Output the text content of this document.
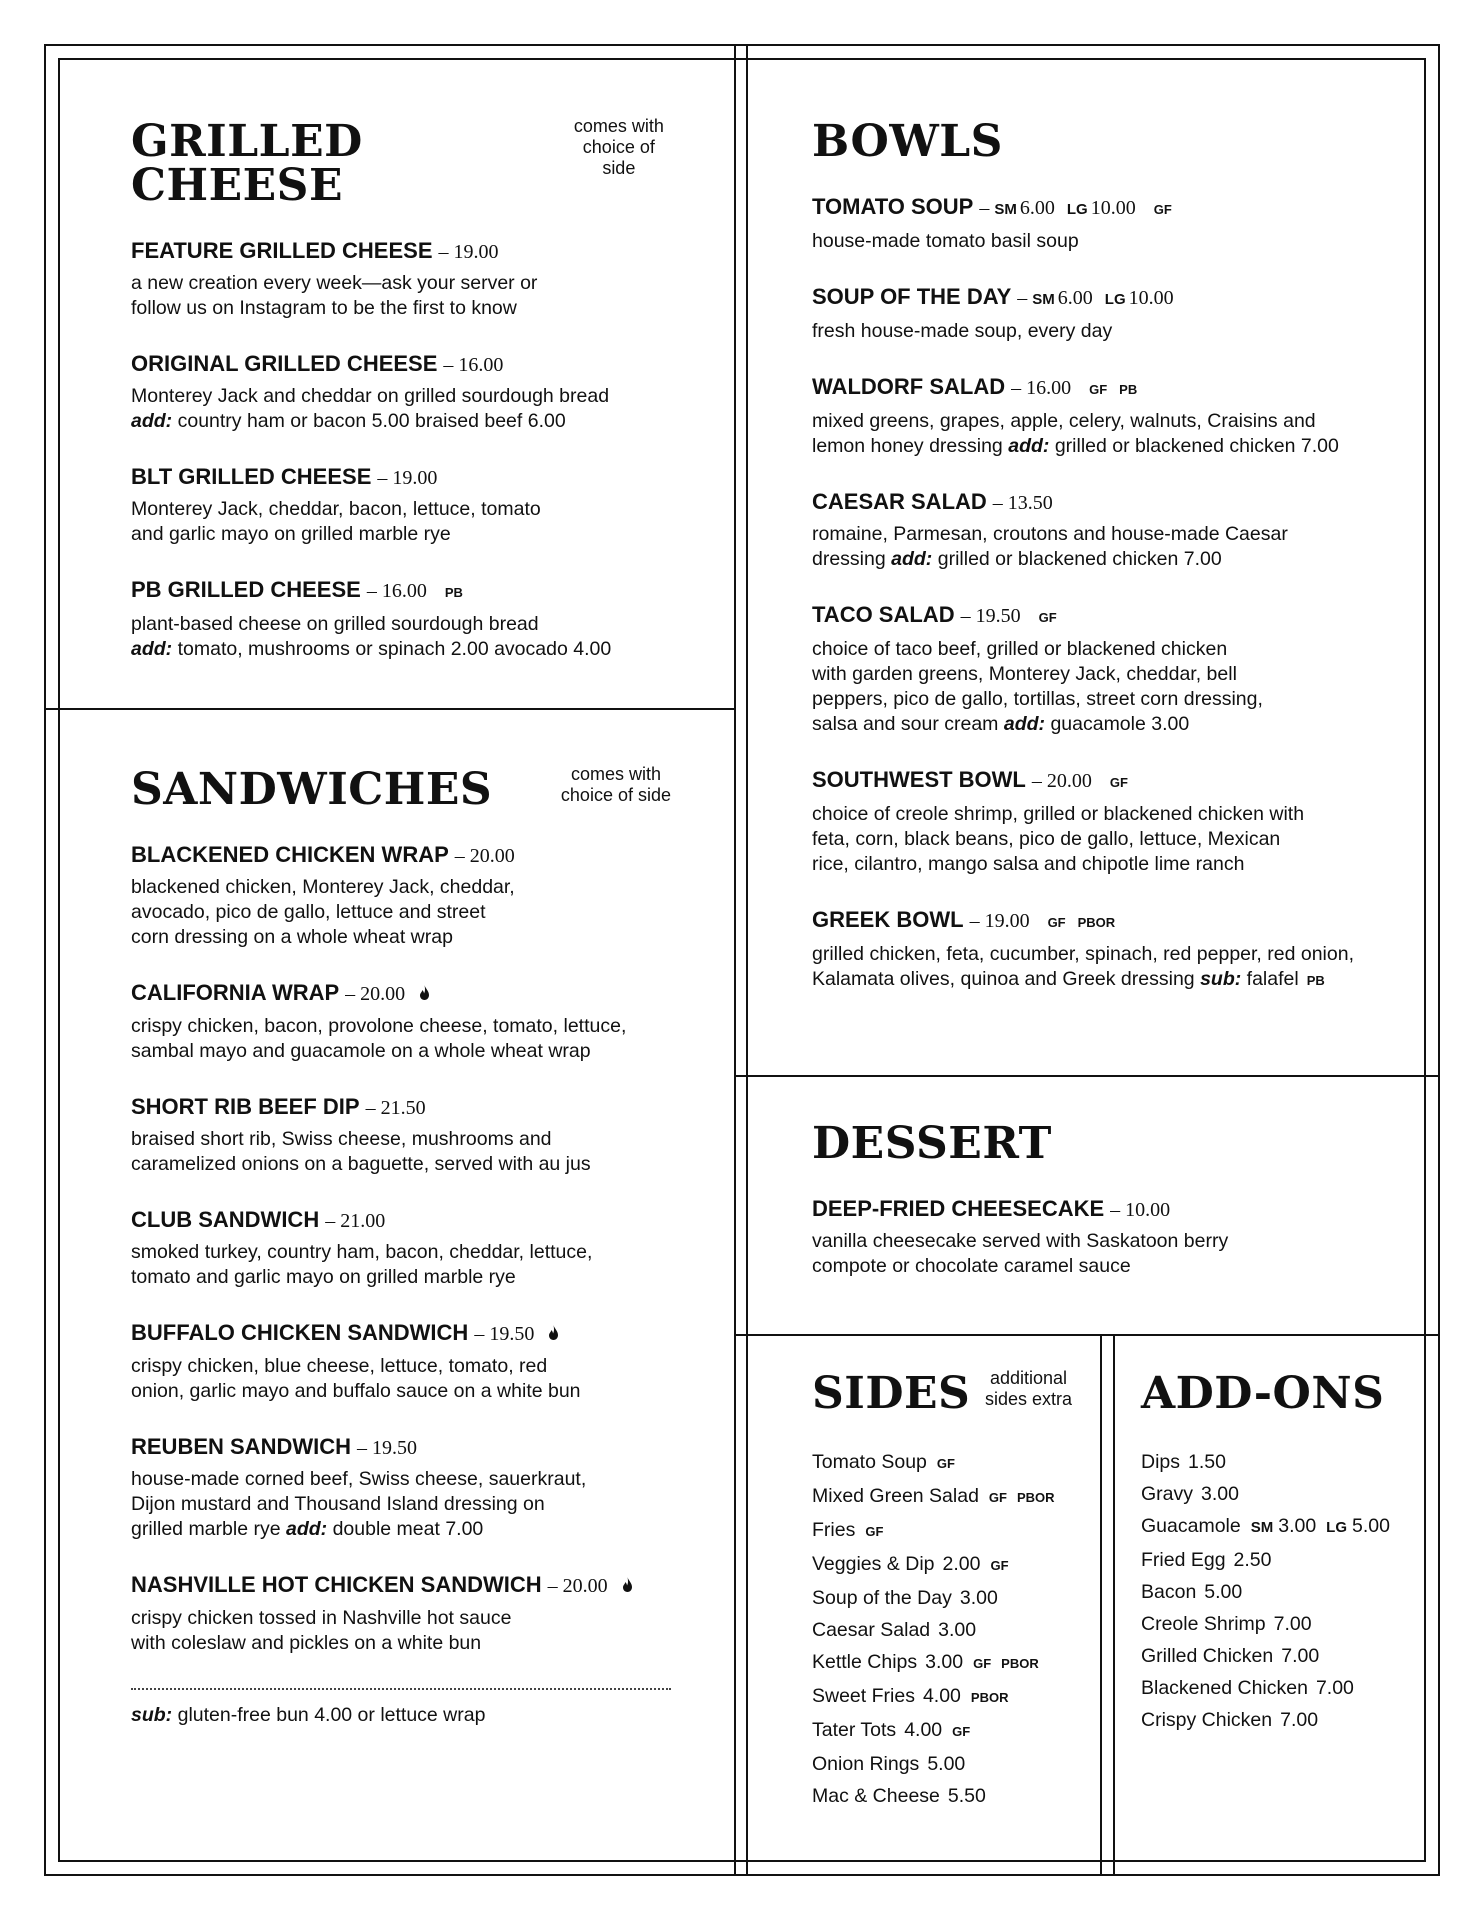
GRILLED CHEESE
comes with
choice of side
FEATURE GRILLED CHEESE – 19.00
a new creation every week—ask your server or
follow us on Instagram to be the first to know
ORIGINAL GRILLED CHEESE – 16.00
Monterey Jack and cheddar on grilled sourdough bread
add: country ham or bacon 5.00 braised beef 6.00
BLT GRILLED CHEESE – 19.00
Monterey Jack, cheddar, bacon, lettuce, tomato
and garlic mayo on grilled marble rye
PB GRILLED CHEESE – 16.00 PB
plant-based cheese on grilled sourdough bread
add: tomato, mushrooms or spinach 2.00 avocado 4.00
SANDWICHES	comes with
choice of side
BLACKENED CHICKEN WRAP – 20.00
blackened chicken, Monterey Jack, cheddar,
avocado, pico de gallo, lettuce and street
corn dressing on a whole wheat wrap
CALIFORNIA WRAP – 20.00
crispy chicken, bacon, provolone cheese, tomato, lettuce,
sambal mayo and guacamole on a whole wheat wrap
SHORT RIB BEEF DIP – 21.50
braised short rib, Swiss cheese, mushrooms and
caramelized onions on a baguette, served with au jus
CLUB SANDWICH – 21.00
smoked turkey, country ham, bacon, cheddar, lettuce,
tomato and garlic mayo on grilled marble rye
BUFFALO CHICKEN SANDWICH – 19.50
crispy chicken, blue cheese, lettuce, tomato, red
onion, garlic mayo and buffalo sauce on a white bun
REUBEN SANDWICH – 19.50
house-made corned beef, Swiss cheese, sauerkraut,
Dijon mustard and Thousand Island dressing on
grilled marble rye add: double meat 7.00
NASHVILLE HOT CHICKEN SANDWICH – 20.00
crispy chicken tossed in Nashville hot sauce
with coleslaw and pickles on a white bun
sub: gluten-free bun 4.00 or lettuce wrap
BOWLS
TOMATO SOUP – SM 6.00 LG 10.00 GF
house-made tomato basil soup
SOUP OF THE DAY – SM 6.00 LG 10.00
fresh house-made soup, every day
WALDORF SALAD – 16.00 GF PB
mixed greens, grapes, apple, celery, walnuts, Craisins and
lemon honey dressing add: grilled or blackened chicken 7.00
CAESAR SALAD – 13.50
romaine, Parmesan, croutons and house-made Caesar
dressing add: grilled or blackened chicken 7.00
TACO SALAD – 19.50 GF
choice of taco beef, grilled or blackened chicken
with garden greens, Monterey Jack, cheddar, bell
peppers, pico de gallo, tortillas, street corn dressing,
salsa and sour cream add: guacamole 3.00
SOUTHWEST BOWL – 20.00 GF
choice of creole shrimp, grilled or blackened chicken with
feta, corn, black beans, pico de gallo, lettuce, Mexican
rice, cilantro, mango salsa and chipotle lime ranch
GREEK BOWL – 19.00 GF PBOR
grilled chicken, feta, cucumber, spinach, red pepper, red onion,
Kalamata olives, quinoa and Greek dressing sub: falafel PB
DESSERT
DEEP-FRIED CHEESECAKE – 10.00
vanilla cheesecake served with Saskatoon berry
compote or chocolate caramel sauce
SIDES additional
sides extra
Tomato Soup GF
Mixed Green Salad GF PBOR
Fries GF
Veggies & Dip 2.00 GF
Soup of the Day 3.00
Caesar Salad 3.00
Kettle Chips 3.00 GF PBOR
Sweet Fries 4.00 PBOR
Tater Tots 4.00 GF
Onion Rings 5.00
Mac & Cheese 5.50
ADD-ONS
Dips 1.50
Gravy 3.00
Guacamole SM 3.00 LG 5.00
Fried Egg 2.50
Bacon 5.00
Creole Shrimp 7.00
Grilled Chicken 7.00
Blackened Chicken 7.00
Crispy Chicken 7.00
